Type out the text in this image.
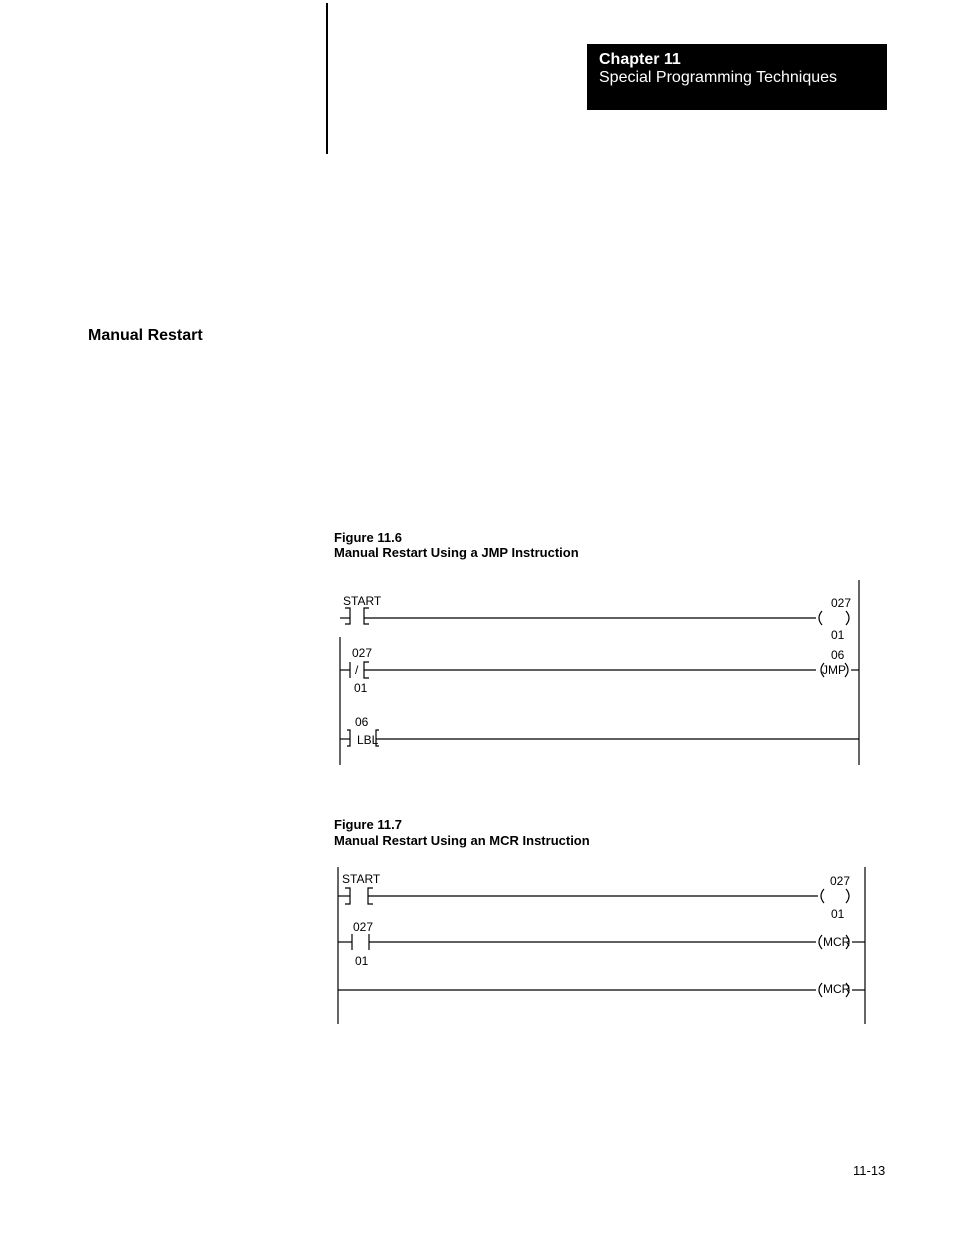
Chapter 11
Special Programming Techniques
Manual Restart
Figure 11.6
Manual Restart Using a JMP Instruction
START	027
01
027
/
01
06
JMP
06
LBL
Figure 11.7
Manual Restart Using an MCR Instruction
START	027
01
027
01
MCR
MCR
11-13
